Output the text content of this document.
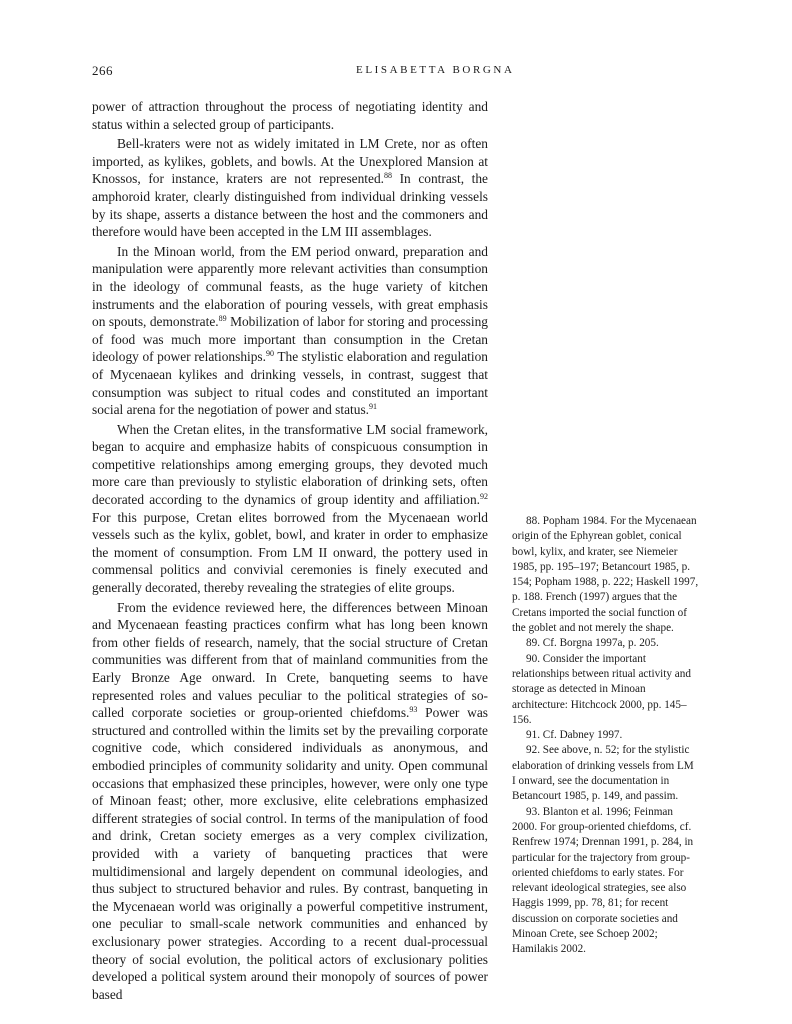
266	ELISABETTA BORGNA

power of attraction throughout the process of negotiating identity and status within a selected group of participants.

Bell-kraters were not as widely imitated in LM Crete, nor as often imported, as kylikes, goblets, and bowls. At the Unexplored Mansion at Knossos, for instance, kraters are not represented.$^{88}$ In contrast, the amphoroid krater, clearly distinguished from individual drinking vessels by its shape, asserts a distance between the host and the commoners and therefore would have been accepted in the LM III assemblages.

In the Minoan world, from the EM period onward, preparation and manipulation were apparently more relevant activities than consumption in the ideology of communal feasts, as the huge variety of kitchen instruments and the elaboration of pouring vessels, with great emphasis on spouts, demonstrate.$^{89}$ Mobilization of labor for storing and processing of food was much more important than consumption in the Cretan ideology of power relationships.$^{90}$ The stylistic elaboration and regulation of Mycenaean kylikes and drinking vessels, in contrast, suggest that consumption was subject to ritual codes and constituted an important social arena for the negotiation of power and status.$^{91}$

When the Cretan elites, in the transformative LM social framework, began to acquire and emphasize habits of conspicuous consumption in competitive relationships among emerging groups, they devoted much more care than previously to stylistic elaboration of drinking sets, often decorated according to the dynamics of group identity and affiliation.$^{92}$ For this purpose, Cretan elites borrowed from the Mycenaean world vessels such as the kylix, goblet, bowl, and krater in order to emphasize the moment of consumption. From LM II onward, the pottery used in commensal politics and convivial ceremonies is finely executed and generally decorated, thereby revealing the strategies of elite groups.

From the evidence reviewed here, the differences between Minoan and Mycenaean feasting practices confirm what has long been known from other fields of research, namely, that the social structure of Cretan communities was different from that of mainland communities from the Early Bronze Age onward. In Crete, banqueting seems to have represented roles and values peculiar to the political strategies of so-called corporate societies or group-oriented chiefdoms.$^{93}$ Power was structured and controlled within the limits set by the prevailing corporate cognitive code, which considered individuals as anonymous, and embodied principles of community solidarity and unity. Open communal occasions that emphasized these principles, however, were only one type of Minoan feast; other, more exclusive, elite celebrations emphasized different strategies of social control. In terms of the manipulation of food and drink, Cretan society emerges as a very complex civilization, provided with a variety of banqueting practices that were multidimensional and largely dependent on communal ideologies, and thus subject to structured behavior and rules. By contrast, banqueting in the Mycenaean world was originally a powerful competitive instrument, one peculiar to small-scale network communities and enhanced by exclusionary power strategies. According to a recent dual-processual theory of social evolution, the political actors of exclusionary polities developed a political system around their monopoly of sources of power based

88. Popham 1984. For the Mycenaean origin of the Ephyrean goblet, conical bowl, kylix, and krater, see Niemeier 1985, pp. 195–197; Betancourt 1985, p. 154; Popham 1988, p. 222; Haskell 1997, p. 188. French (1997) argues that the Cretans imported the social function of the goblet and not merely the shape.

89. Cf. Borgna 1997a, p. 205.

90. Consider the important relationships between ritual activity and storage as detected in Minoan architecture: Hitchcock 2000, pp. 145–156.

91. Cf. Dabney 1997.

92. See above, n. 52; for the stylistic elaboration of drinking vessels from LM I onward, see the documentation in Betancourt 1985, p. 149, and passim.

93. Blanton et al. 1996; Feinman 2000. For group-oriented chiefdoms, cf. Renfrew 1974; Drennan 1991, p. 284, in particular for the trajectory from group-oriented chiefdoms to early states. For relevant ideological strategies, see also Haggis 1999, pp. 78, 81; for recent discussion on corporate societies and Minoan Crete, see Schoep 2002; Hamilakis 2002.
